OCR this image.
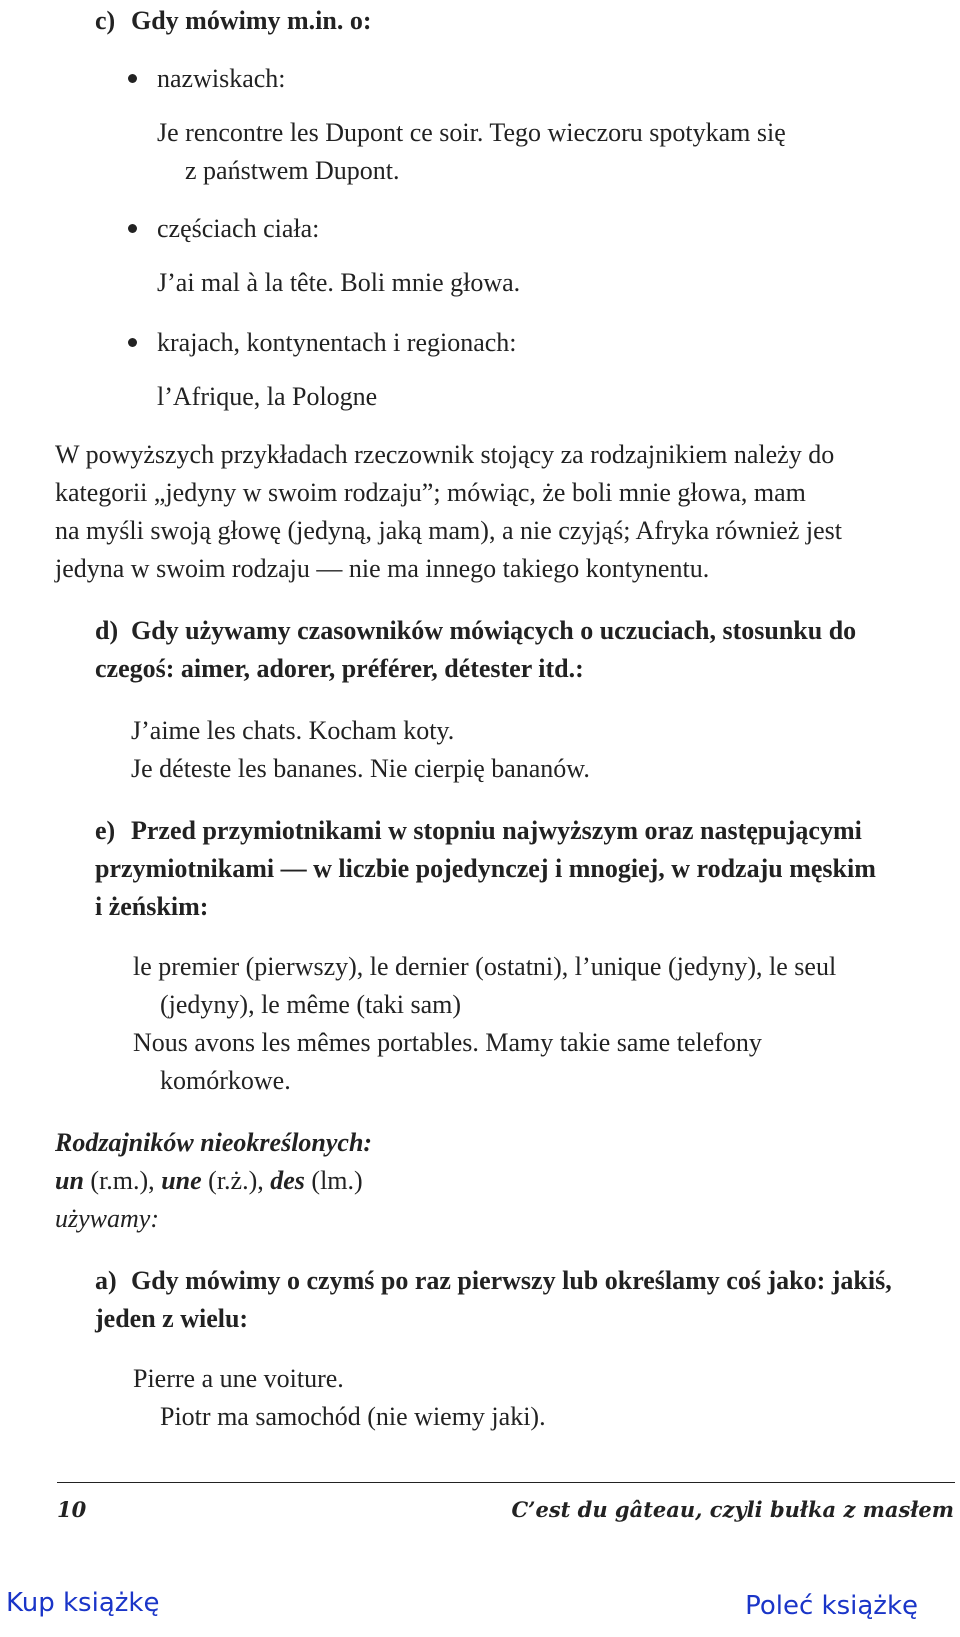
c) Gdy mówimy m.in. o:
nazwiskach:
Je rencontre les Dupont ce soir. Tego wieczoru spotykam się
z państwem Dupont.
częściach ciała:
J’ai mal à la tête. Boli mnie głowa.
krajach, kontynentach i regionach:
l’Afrique, la Pologne
W powyższych przykładach rzeczownik stojący za rodzajnikiem należy do
kategorii „jedyny w swoim rodzaju”; mówiąc, że boli mnie głowa, mam
na myśli swoją głowę (jedyną, jaką mam), a nie czyjąś; Afryka również jest
jedyna w swoim rodzaju — nie ma innego takiego kontynentu.
d) Gdy używamy czasowników mówiących o uczuciach, stosunku do
czegoś: aimer, adorer, préférer, détester itd.:
J’aime les chats. Kocham koty.
Je déteste les bananes. Nie cierpię bananów.
e) Przed przymiotnikami w stopniu najwyższym oraz następującymi
przymiotnikami — w liczbie pojedynczej i mnogiej, w rodzaju męskim
i żeńskim:
le premier (pierwszy), le dernier (ostatni), l’unique (jedyny), le seul
(jedyny), le même (taki sam)
Nous avons les mêmes portables. Mamy takie same telefony
komórkowe.
Rodzajników nieokreślonych:
un (r.m.), une (r.ż.), des (lm.)
używamy:
a) Gdy mówimy o czymś po raz pierwszy lub określamy coś jako: jakiś,
jeden z wielu:
Pierre a une voiture.
Piotr ma samochód (nie wiemy jaki).
10	C’est du gâteau, czyli bułka z masłem
Kup książkę	Poleć książkę
